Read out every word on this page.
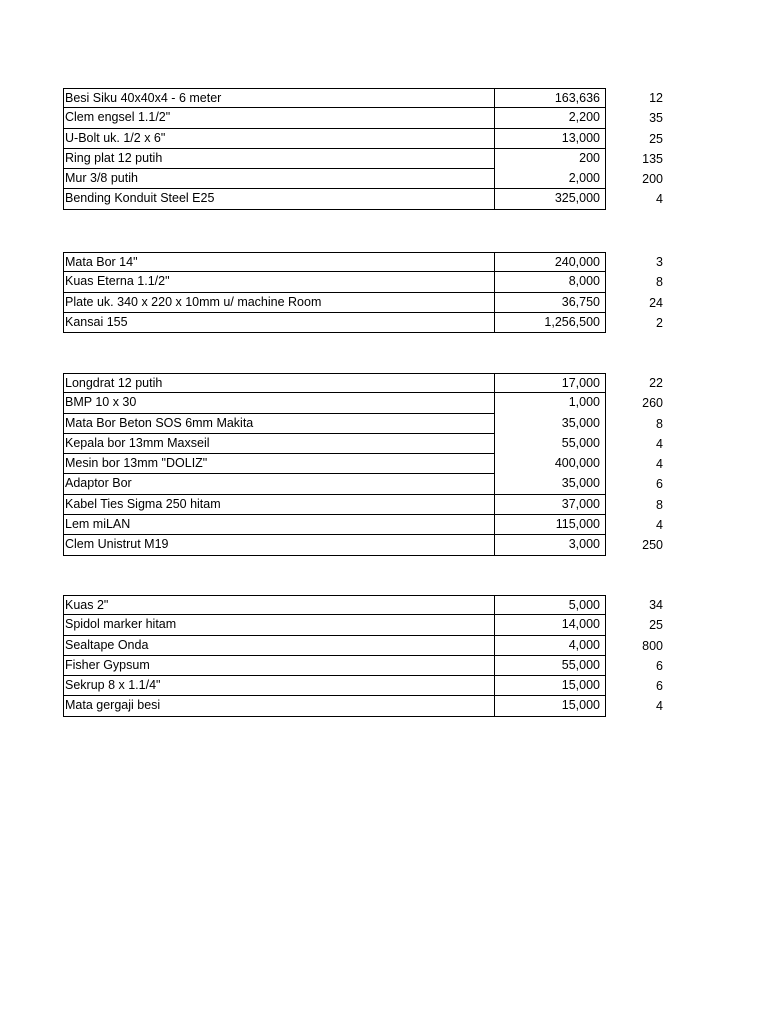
Besi Siku 40x40x4 - 6 meter	163,636	12
Clem engsel 1.1/2"	2,200	35
U-Bolt uk. 1/2 x 6"	13,000	25
Ring plat 12 putih	200	135
Mur 3/8 putih	2,000	200
Bending Konduit Steel E25	325,000	4
Mata Bor 14"	240,000	3
Kuas Eterna 1.1/2"	8,000	8
Plate uk. 340 x 220 x 10mm u/ machine Room	36,750	24
Kansai 155	1,256,500	2
Longdrat 12 putih	17,000	22
BMP 10 x 30	1,000	260
Mata Bor Beton SOS 6mm Makita	35,000	8
Kepala bor 13mm Maxseil	55,000	4
Mesin bor 13mm "DOLIZ"	400,000	4
Adaptor Bor	35,000	6
Kabel Ties Sigma 250 hitam	37,000	8
Lem miLAN	115,000	4
Clem Unistrut M19	3,000	250
Kuas 2"	5,000	34
Spidol marker hitam	14,000	25
Sealtape Onda	4,000	800
Fisher Gypsum	55,000	6
Sekrup 8 x 1.1/4"	15,000	6
Mata gergaji besi	15,000	4
